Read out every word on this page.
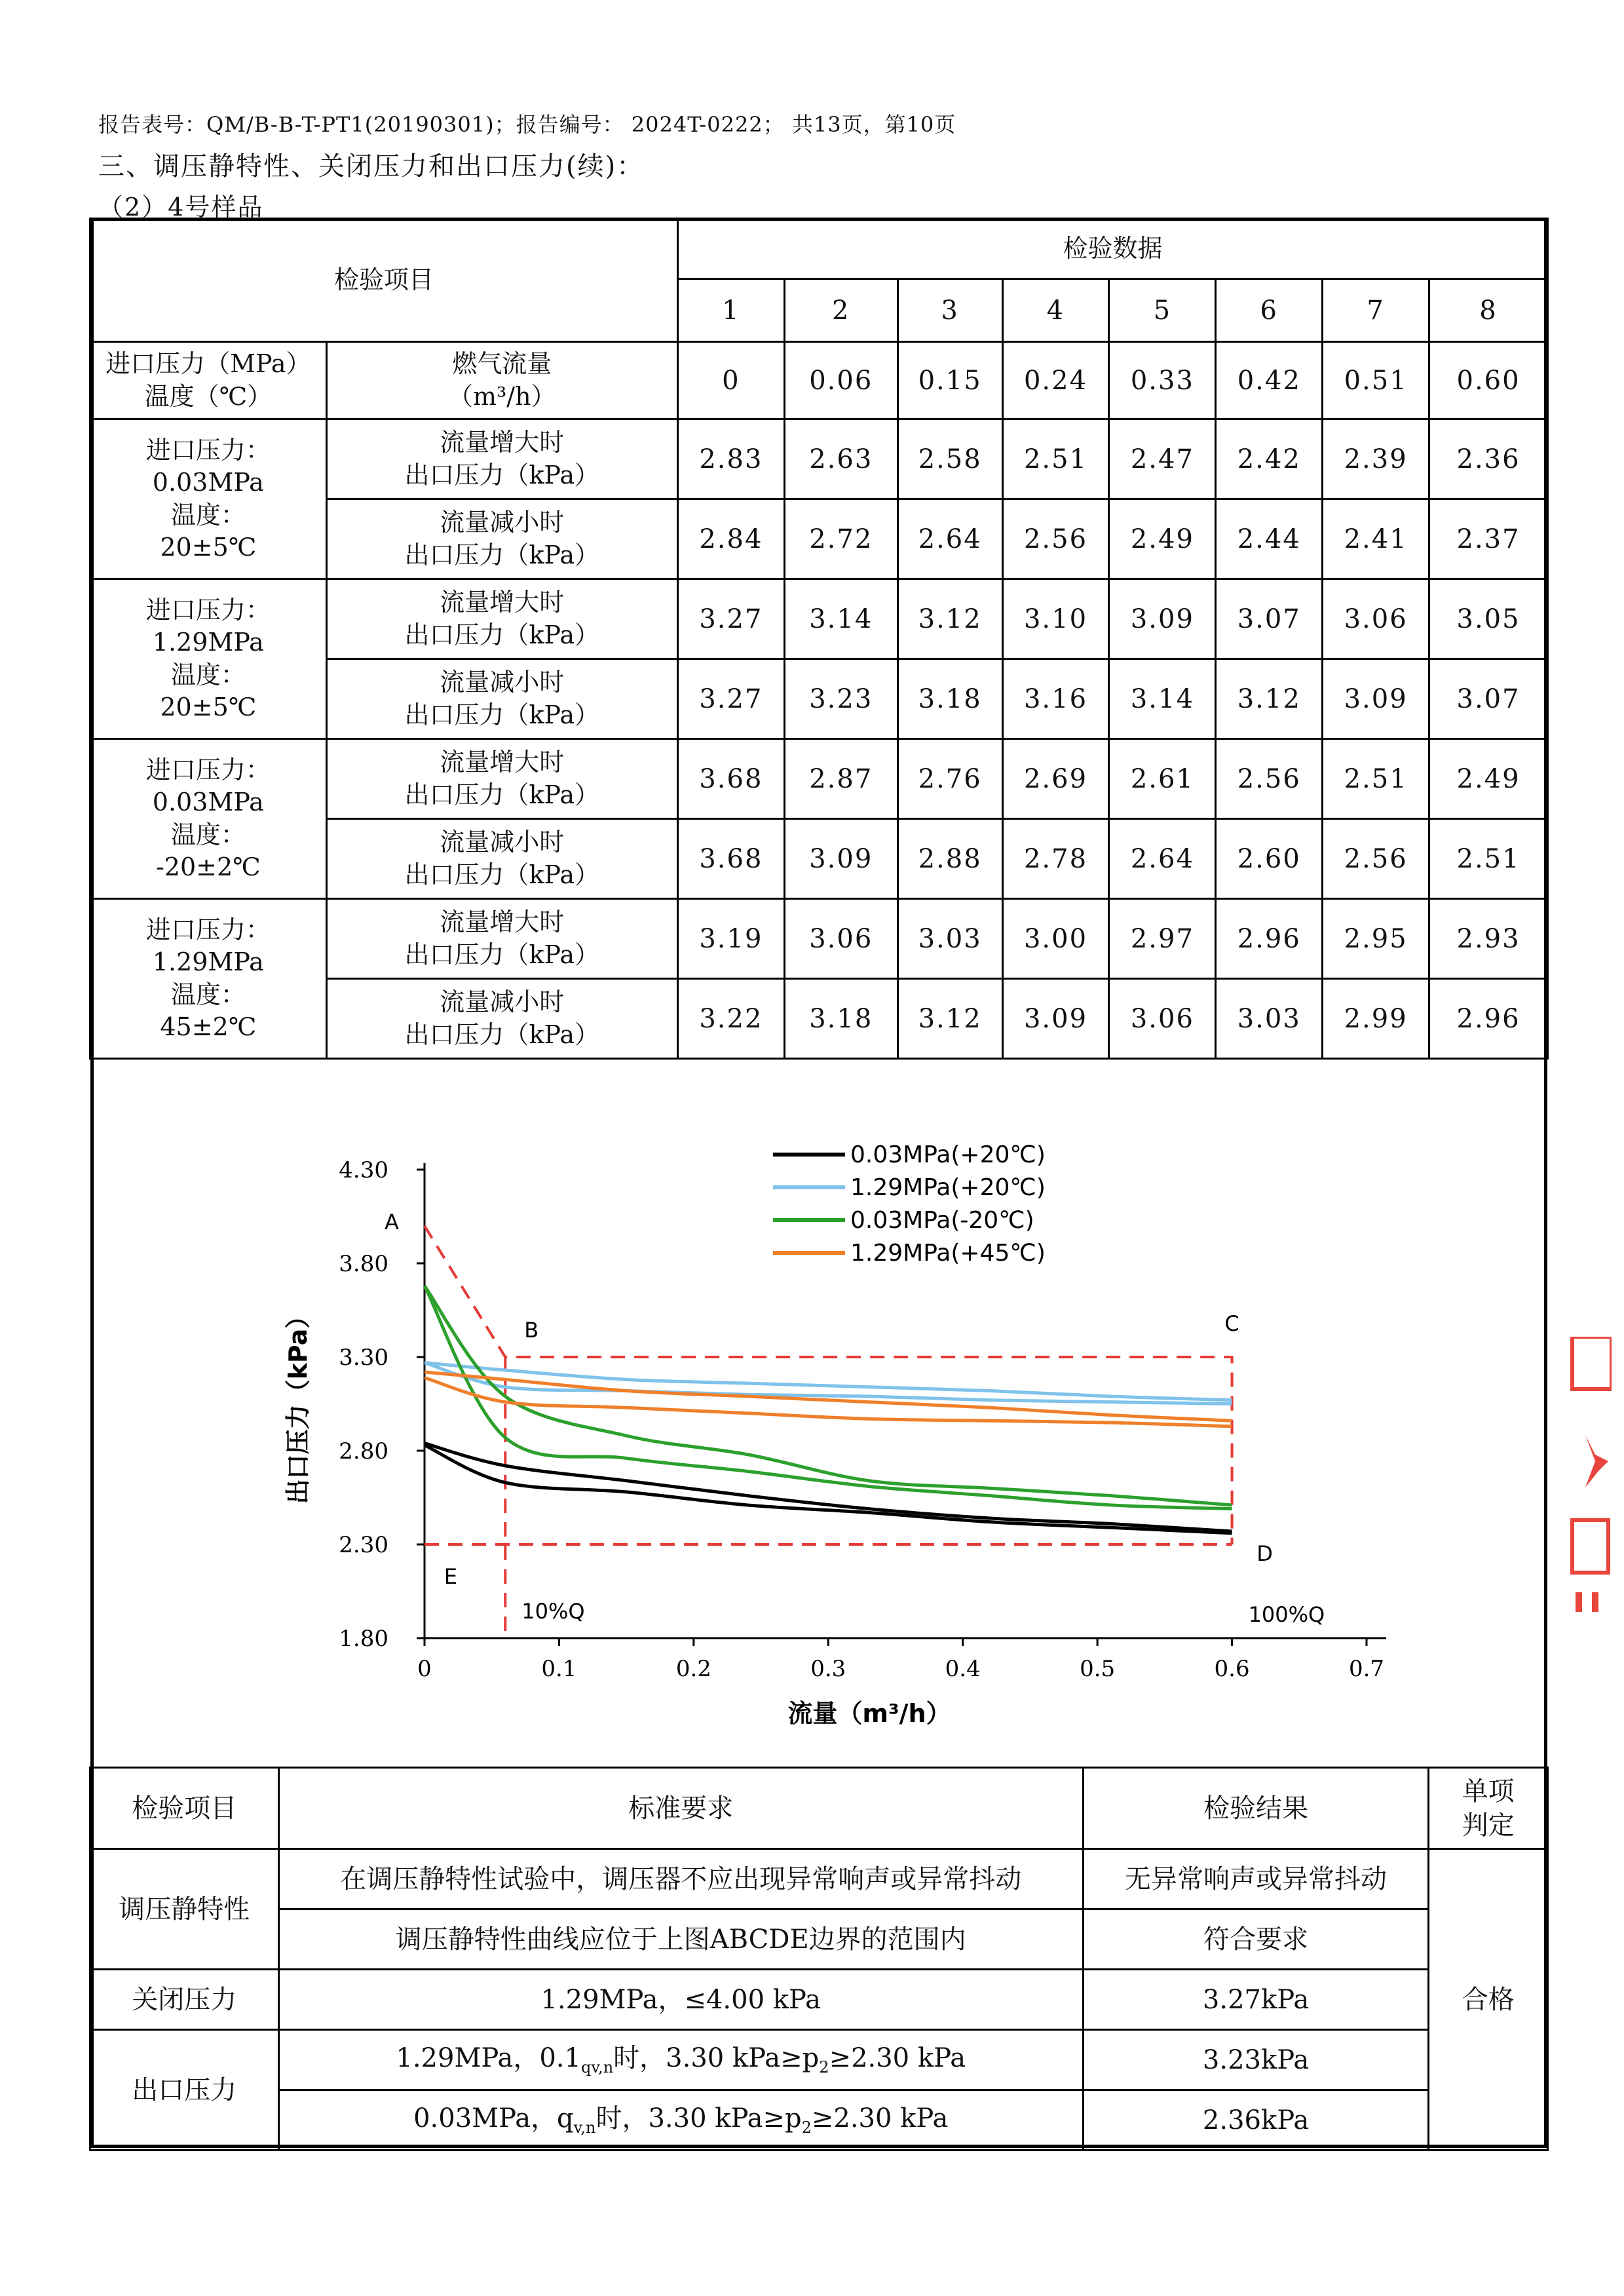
报告表号：QM/B-B-T-PT1(20190301)；报告编号： 2024T-0222； 共13页，第10页
三、调压静特性、关闭压力和出口压力(续)：
（2）4号样品
检验项目		检验数据							
		1	2	3	4	5	6	7	8
进口压力（MPa）
温度（℃）	燃气流量
（m³/h）	0	0.06	0.15	0.24	0.33	0.42	0.51	0.60
进口压力：
0.03MPa
温度：
20±5℃	流量增大时
出口压力（kPa）	2.83	2.63	2.58	2.51	2.47	2.42	2.39	2.36
	流量减小时
出口压力（kPa）	2.84	2.72	2.64	2.56	2.49	2.44	2.41	2.37
进口压力：
1.29MPa
温度：
20±5℃	流量增大时
出口压力（kPa）	3.27	3.14	3.12	3.10	3.09	3.07	3.06	3.05
	流量减小时
出口压力（kPa）	3.27	3.23	3.18	3.16	3.14	3.12	3.09	3.07
进口压力：
0.03MPa
温度：
-20±2℃	流量增大时
出口压力（kPa）	3.68	2.87	2.76	2.69	2.61	2.56	2.51	2.49
	流量减小时
出口压力（kPa）	3.68	3.09	2.88	2.78	2.64	2.60	2.56	2.51
进口压力：
1.29MPa
温度：
45±2℃	流量增大时
出口压力（kPa）	3.19	3.06	3.03	3.00	2.97	2.96	2.95	2.93
	流量减小时
出口压力（kPa）	3.22	3.18	3.12	3.09	3.06	3.03	2.99	2.96
1.80
2.30
2.80
3.30
3.80
4.30
0	0.1	0.2	0.3	0.4	0.5	0.6	0.7
流量（m³/h）
出口压力（kPa）
A
B	C
D
E
10%Q	100%Q
0.03MPa(+20℃)
1.29MPa(+20℃)
0.03MPa(-20℃)
1.29MPa(+45℃)
检验项目	标准要求	检验结果	单项
判定
调压静特性	在调压静特性试验中，调压器不应出现异常响声或异常抖动	无异常响声或异常抖动	合格
	调压静特性曲线应位于上图ABCDE边界的范围内	符合要求	
关闭压力	1.29MPa，≤4.00 kPa	3.27kPa	
出口压力	1.29MPa，$0.1_{qv,n}$时，3.30 $kPa\ge p_2\ge 2.30$ kPa	3.23kPa	
	0.03MPa，$q_{v,n}$时，3.30 $kPa\ge p_2\ge 2.30$ kPa	2.36kPa	
